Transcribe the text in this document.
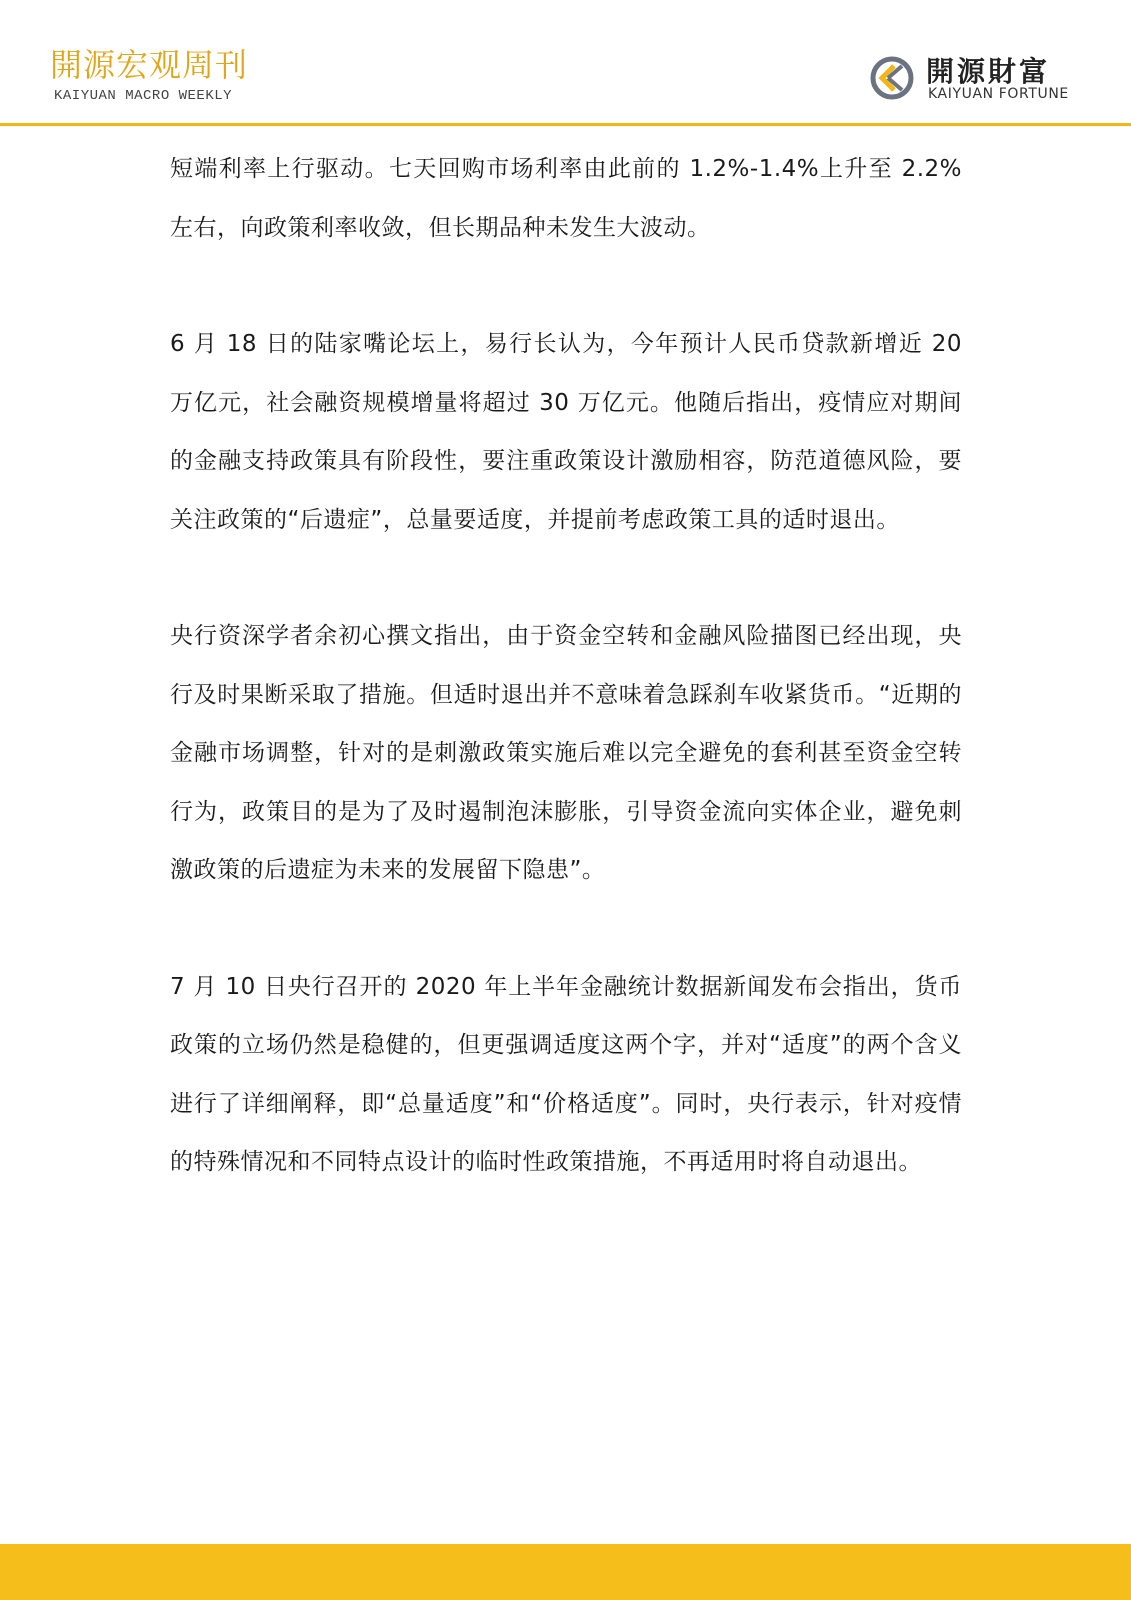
開源宏观周刊
KAIYUAN MACRO WEEKLY
開源財富
KAIYUAN FORTUNE

短端利率上行驱动。七天回购市场利率由此前的 1.2%-1.4%上升至 2.2%左右，向政策利率收敛，但长期品种未发生大波动。

6 月 18 日的陆家嘴论坛上，易行长认为，今年预计人民币贷款新增近 20 万亿元，社会融资规模增量将超过 30 万亿元。他随后指出，疫情应对期间的金融支持政策具有阶段性，要注重政策设计激励相容，防范道德风险，要关注政策的“后遗症”，总量要适度，并提前考虑政策工具的适时退出。

央行资深学者余初心撰文指出，由于资金空转和金融风险描图已经出现，央行及时果断采取了措施。但适时退出并不意味着急踩刹车收紧货币。“近期的金融市场调整，针对的是刺激政策实施后难以完全避免的套利甚至资金空转行为，政策目的是为了及时遏制泡沫膨胀，引导资金流向实体企业，避免刺激政策的后遗症为未来的发展留下隐患”。

7 月 10 日央行召开的 2020 年上半年金融统计数据新闻发布会指出，货币政策的立场仍然是稳健的，但更强调适度这两个字，并对“适度”的两个含义进行了详细阐释，即“总量适度”和“价格适度”。同时，央行表示，针对疫情的特殊情况和不同特点设计的临时性政策措施，不再适用时将自动退出。
